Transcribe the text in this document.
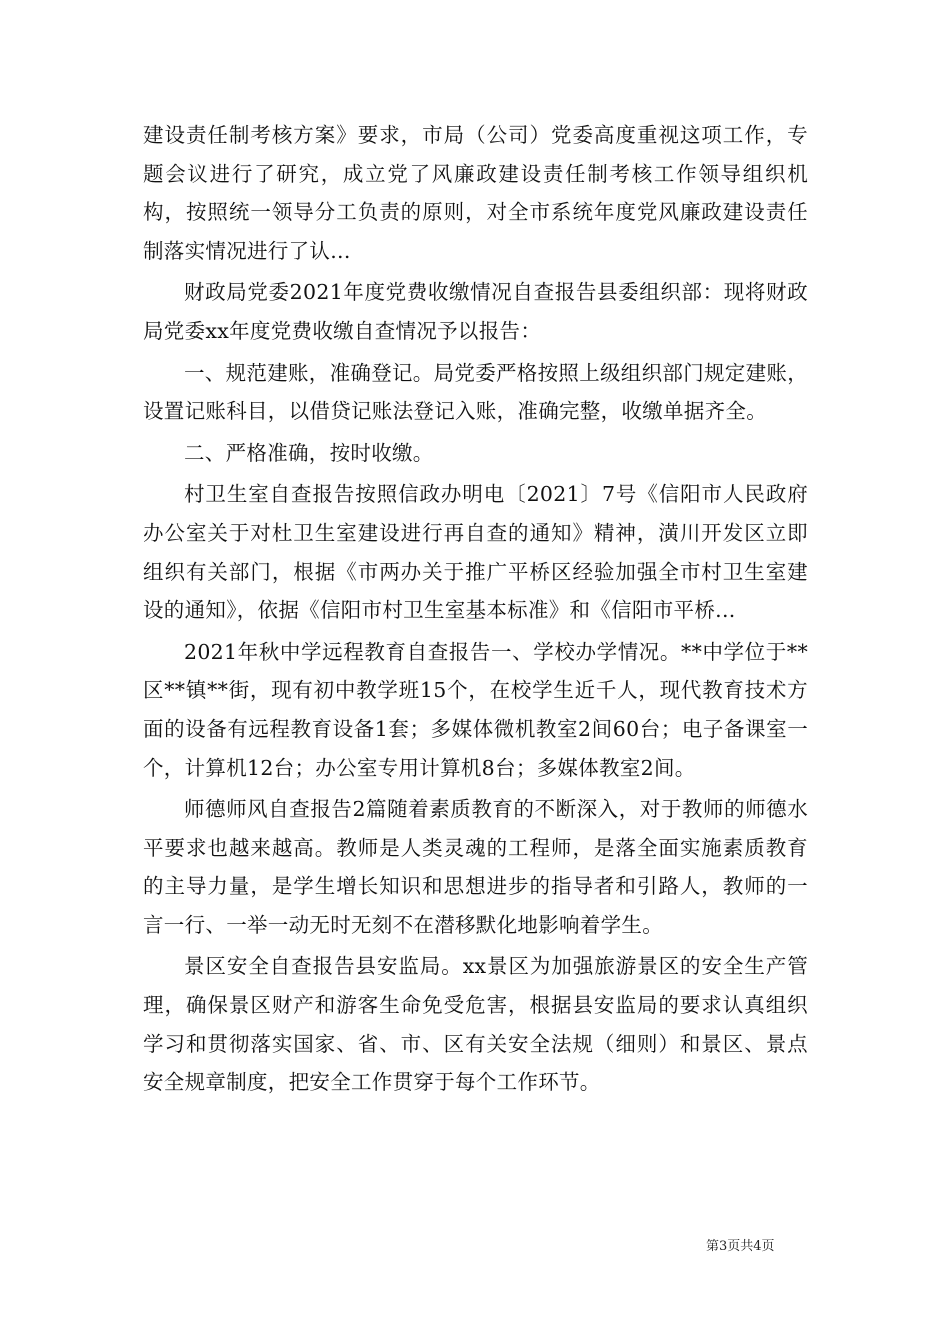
建设责任制考核方案》要求，市局（公司）党委高度重视这项工作，专题会议进行了研究，成立党了风廉政建设责任制考核工作领导组织机构，按照统一领导分工负责的原则，对全市系统年度党风廉政建设责任制落实情况进行了认...

财政局党委2021年度党费收缴情况自查报告县委组织部：现将财政局党委xx年度党费收缴自查情况予以报告：

一、规范建账，准确登记。局党委严格按照上级组织部门规定建账，设置记账科目，以借贷记账法登记入账，准确完整，收缴单据齐全。

二、严格准确，按时收缴。

村卫生室自查报告按照信政办明电〔2021〕7号《信阳市人民政府办公室关于对杜卫生室建设进行再自查的通知》精神，潢川开发区立即组织有关部门，根据《市两办关于推广平桥区经验加强全市村卫生室建设的通知》，依据《信阳市村卫生室基本标准》和《信阳市平桥...

2021年秋中学远程教育自查报告一、学校办学情况。**中学位于**区**镇**街，现有初中教学班15个，在校学生近千人，现代教育技术方面的设备有远程教育设备1套；多媒体微机教室2间60台；电子备课室一个，计算机12台；办公室专用计算机8台；多媒体教室2间。

师德师风自查报告2篇随着素质教育的不断深入，对于教师的师德水平要求也越来越高。教师是人类灵魂的工程师，是落全面实施素质教育的主导力量，是学生增长知识和思想进步的指导者和引路人，教师的一言一行、一举一动无时无刻不在潜移默化地影响着学生。

景区安全自查报告县安监局。xx景区为加强旅游景区的安全生产管理，确保景区财产和游客生命免受危害，根据县安监局的要求认真组织学习和贯彻落实国家、省、市、区有关安全法规（细则）和景区、景点安全规章制度，把安全工作贯穿于每个工作环节。

第3页共4页
